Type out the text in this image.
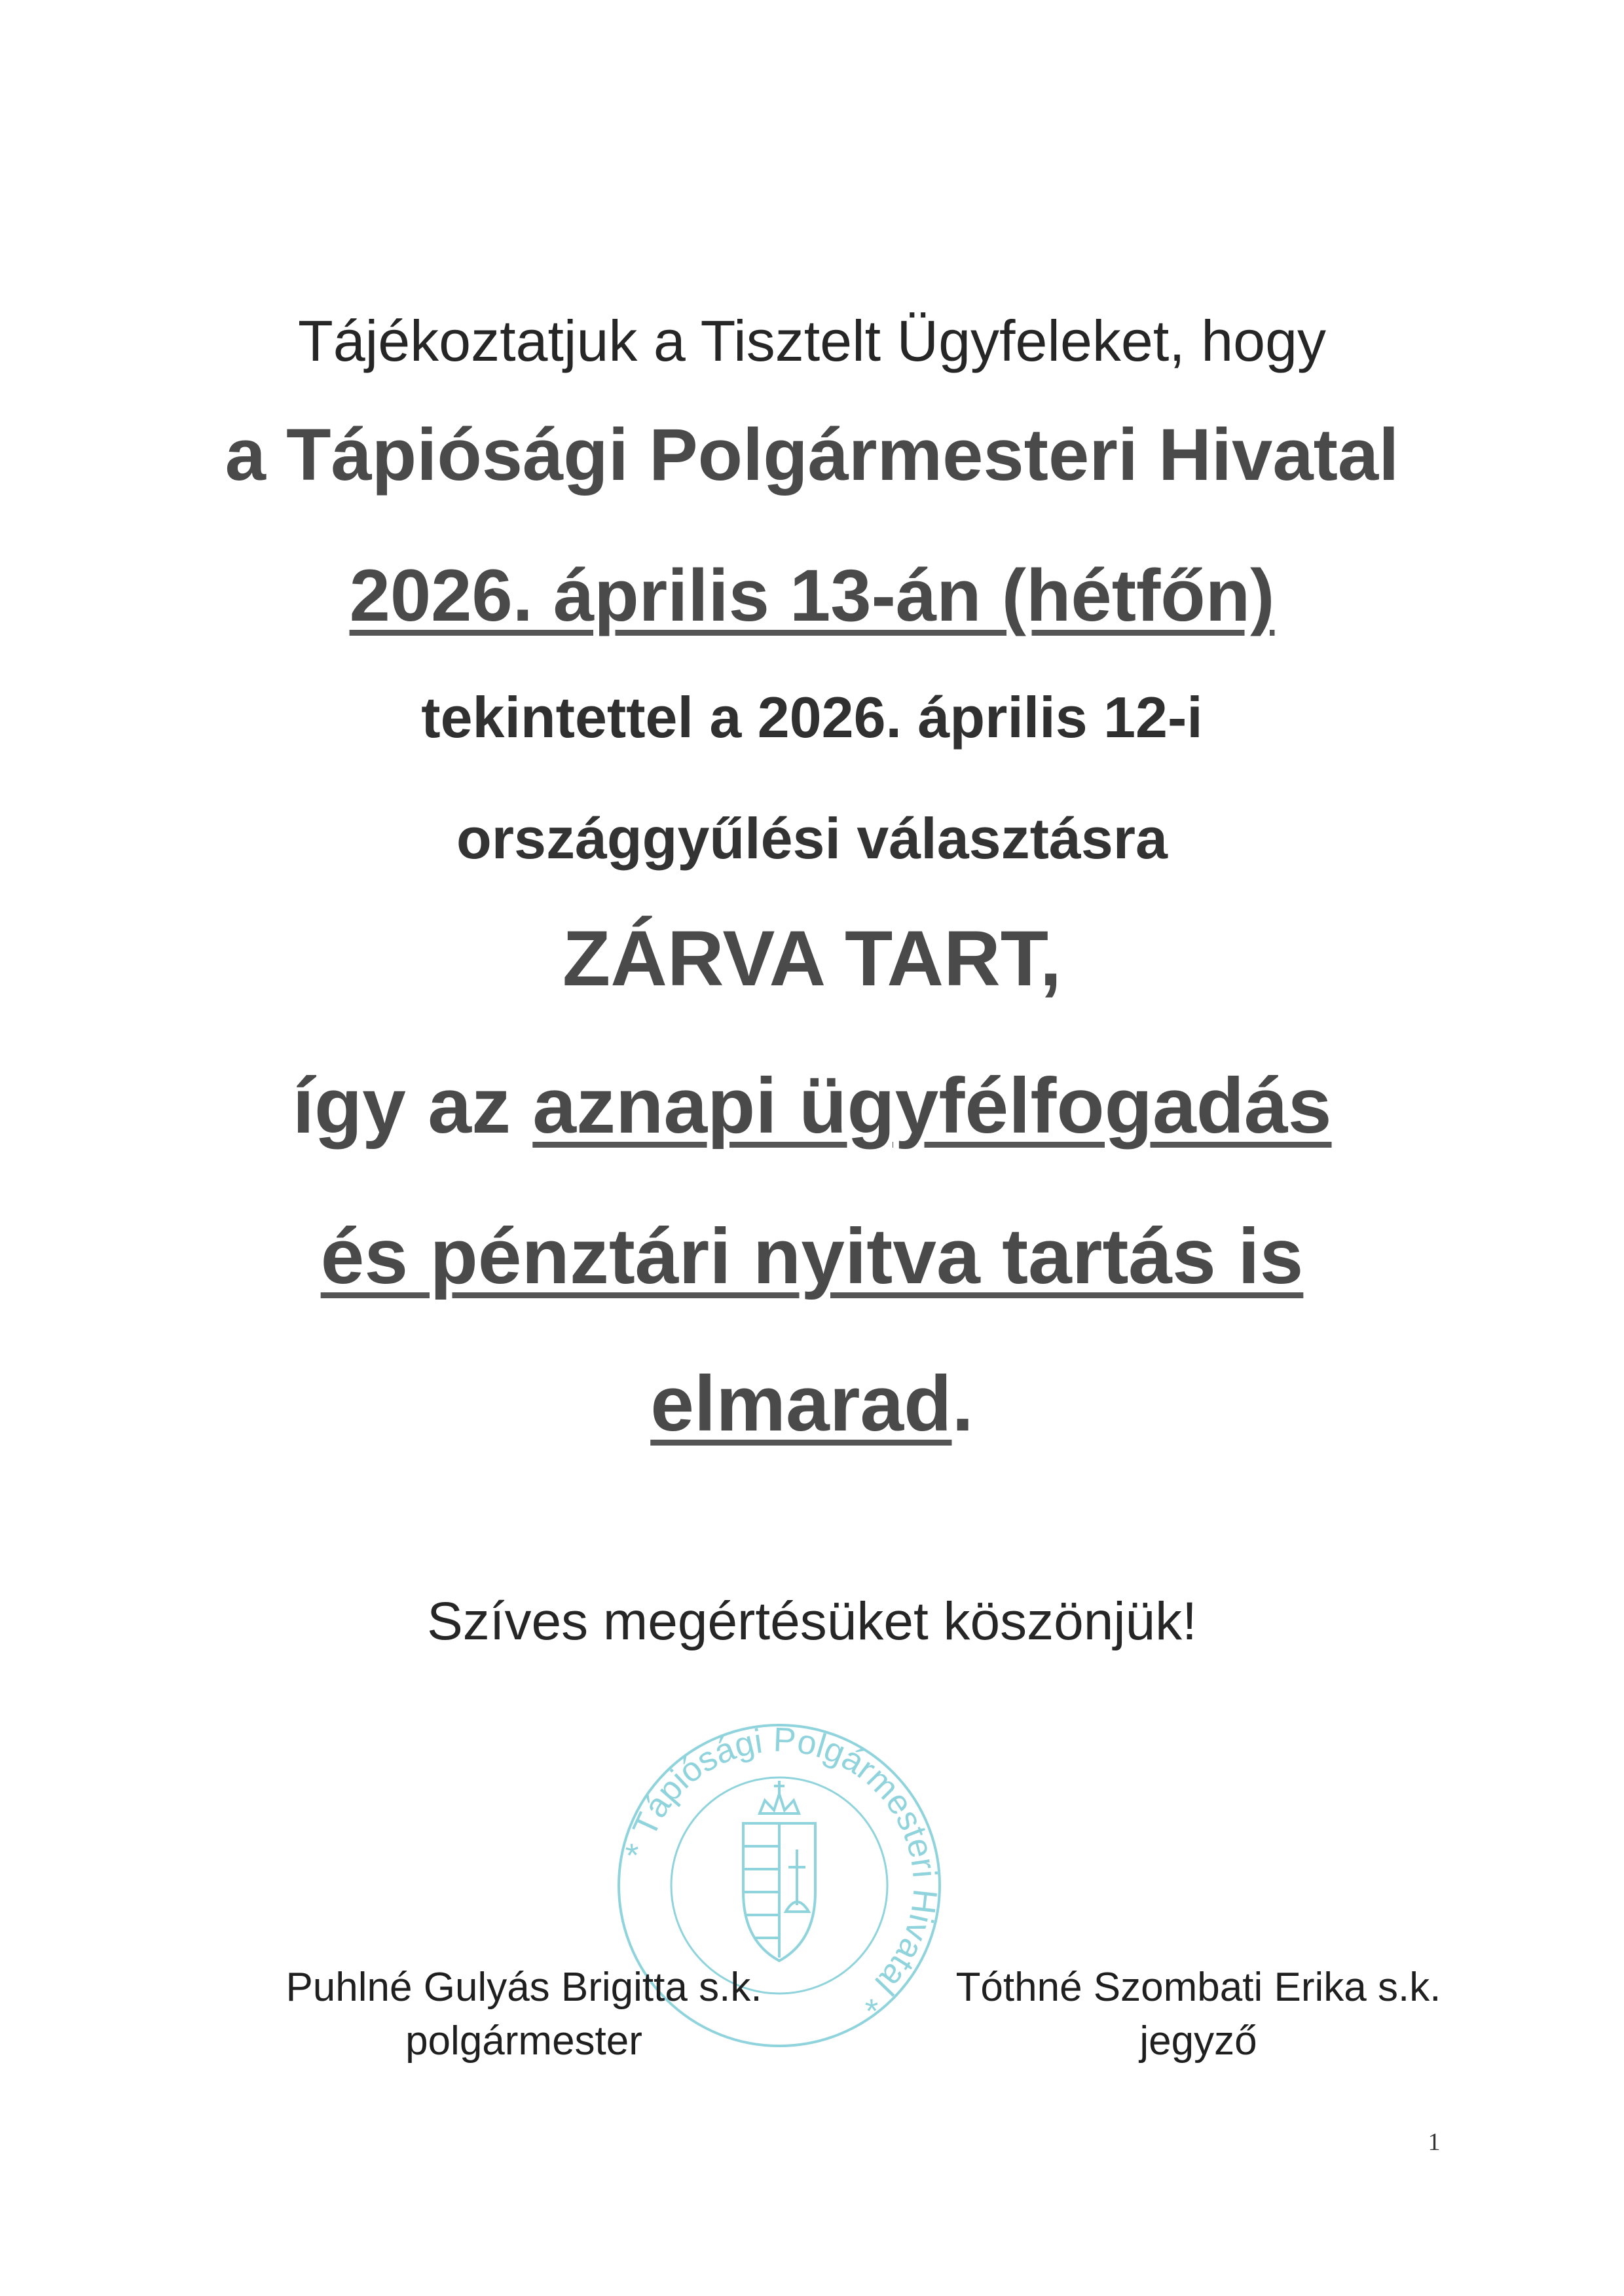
Tájékoztatjuk a Tisztelt Ügyfeleket, hogy
a Tápiósági Polgármesteri Hivatal
2026. április 13-án (hétfőn)
tekintettel a 2026. április 12-i
országgyűlési választásra
ZÁRVA TART,
így az aznapi ügyfélfogadás
és pénztári nyitva tartás is
elmarad.
Szíves megértésüket köszönjük!
* Tápiósági Polgármesteri Hivatal *
Puhlné Gulyás Brigitta s.k.
polgármester
Tóthné Szombati Erika s.k.
jegyző
1
